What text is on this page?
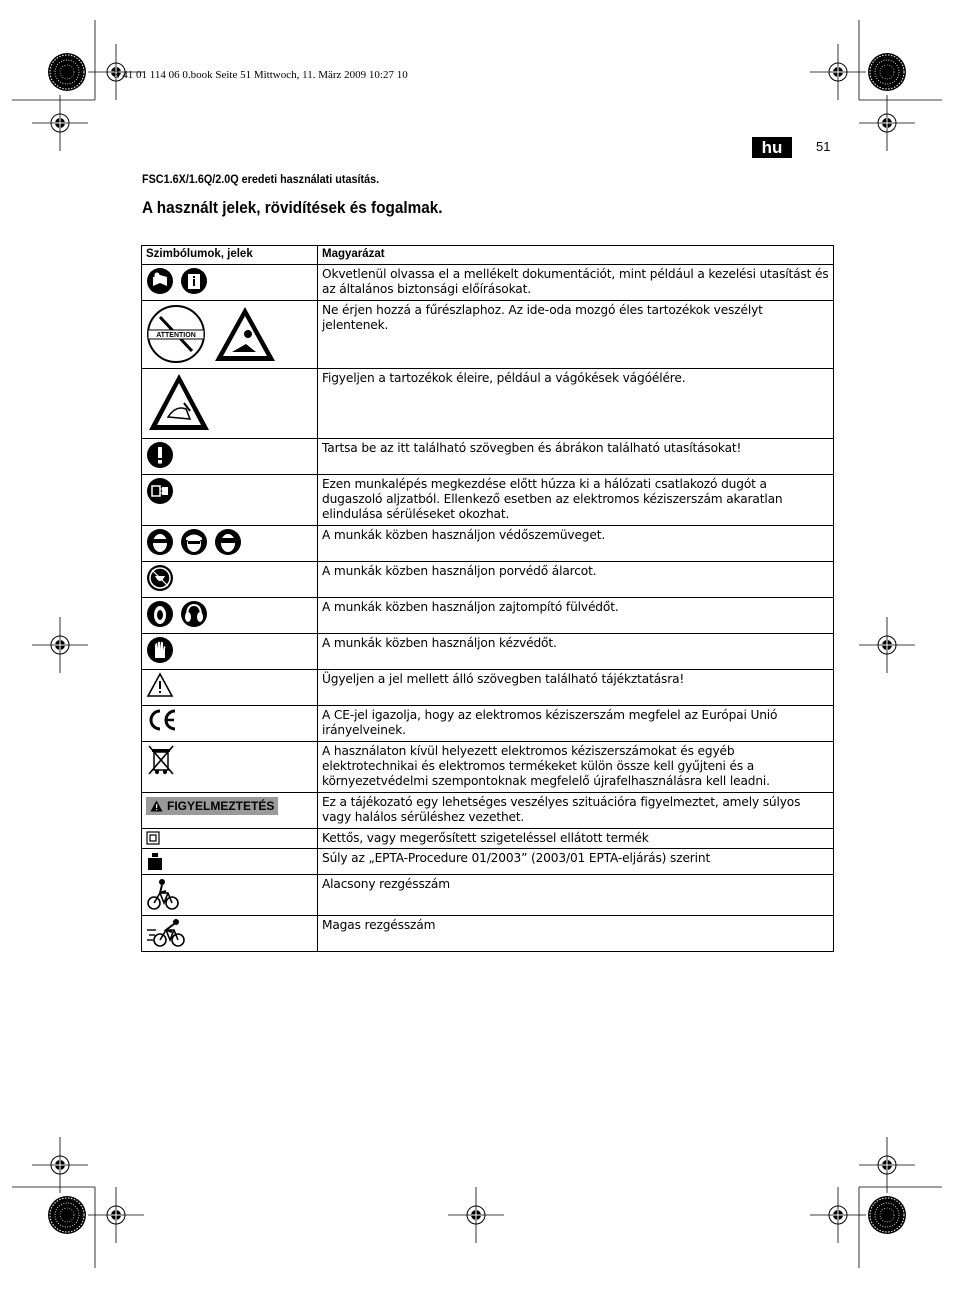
3 41 01 114 06 0.book Seite 51 Mittwoch, 11. März 2009 10:27 10
hu	51
FSC1.6X/1.6Q/2.0Q eredeti használati utasítás.
A használt jelek, rövidítések és fogalmak.
Szimbólumok, jelek	Magyarázat

	Okvetlenül olvassa el a mellékelt dokumentációt, mint például a kezelési utasítást és az általános biztonsági előírásokat.

ATTENTION	Ne érjen hozzá a fűrészlaphoz. Az ide-oda mozgó éles tartozékok veszélyt jelentenek.

	Figyeljen a tartozékok éleire, például a vágókések vágóélére.

	Tartsa be az itt található szövegben és ábrákon található utasításokat!

	Ezen munkalépés megkezdése előtt húzza ki a hálózati csatlakozó dugót a dugaszoló aljzatból. Ellenkező esetben az elektromos kéziszerszám akaratlan elindulása sérüléseket okozhat.

	A munkák közben használjon védőszemüveget.

	A munkák közben használjon porvédő álarcot.

	A munkák közben használjon zajtompító fülvédőt.

	A munkák közben használjon kézvédőt.

	Ügyeljen a jel mellett álló szövegben található tájékztatásra!

	A CE-jel igazolja, hogy az elektromos kéziszerszám megfelel az Európai Unió irányelveinek.

	A használaton kívül helyezett elektromos kéziszerszámokat és egyéb elektrotechnikai és elektromos termékeket külön össze kell gyűjteni és a környezetvédelmi szempontoknak megfelelő újrafelhasználásra kell leadni.

FIGYELMEZTETÉS	Ez a tájékozató egy lehetséges veszélyes szituációra figyelmeztet, amely súlyos vagy halálos sérüléshez vezethet.

	Kettős, vagy megerősített szigeteléssel ellátott termék

	Súly az „EPTA-Procedure 01/2003” (2003/01 EPTA-eljárás) szerint

	Alacsony rezgésszám

	Magas rezgésszám
